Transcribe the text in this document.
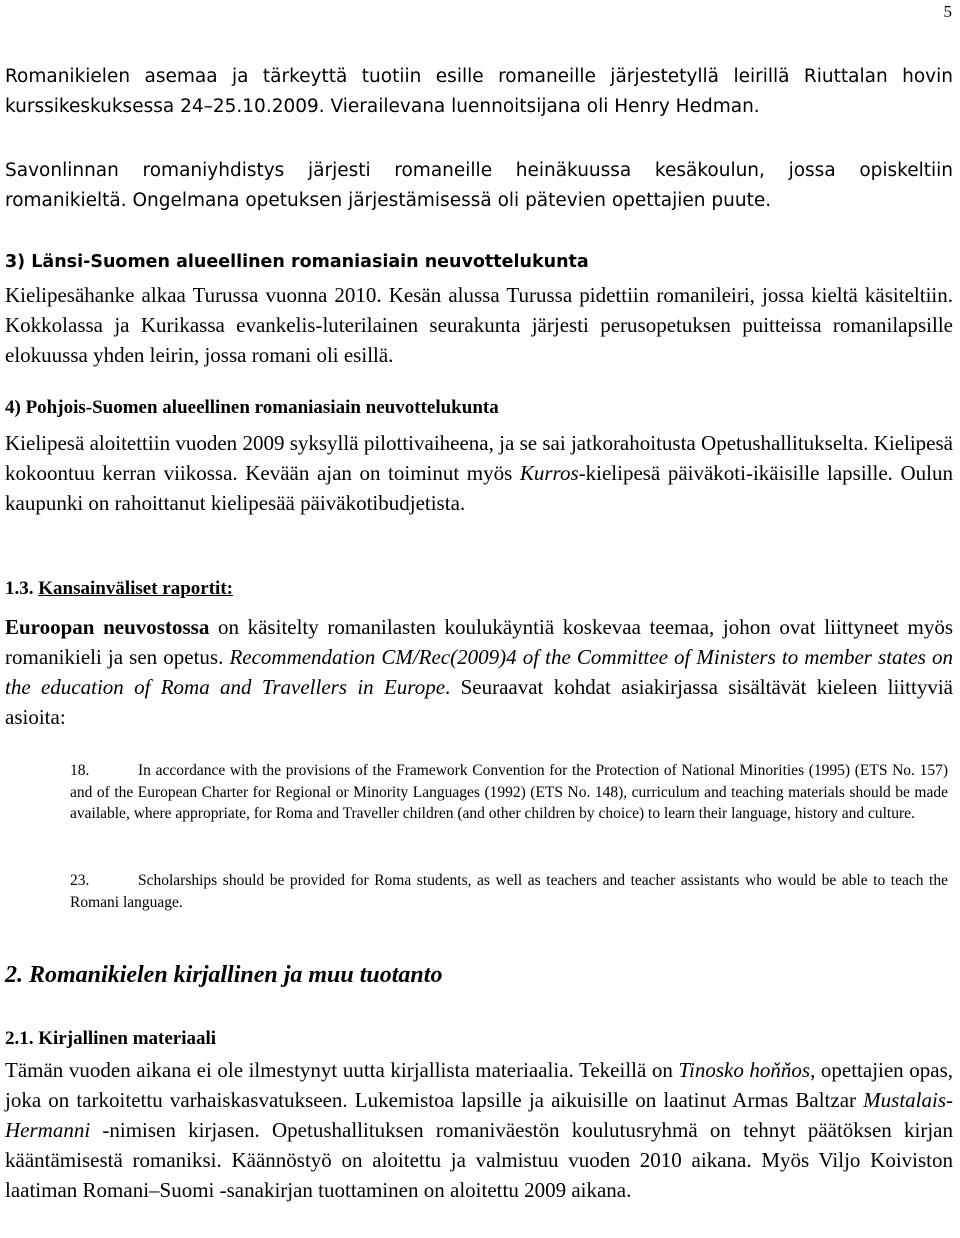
5

Romanikielen asemaa ja tärkeyttä tuotiin esille romaneille järjestetyllä leirillä Riuttalan hovin kurssikeskuksessa 24–25.10.2009. Vierailevana luennoitsijana oli Henry Hedman.

Savonlinnan romaniyhdistys järjesti romaneille heinäkuussa kesäkoulun, jossa opiskeltiin romanikieltä. Ongelmana opetuksen järjestämisessä oli pätevien opettajien puute.

3) Länsi-Suomen alueellinen romaniasiain neuvottelukunta

Kielipesähanke alkaa Turussa vuonna 2010. Kesän alussa Turussa pidettiin romanileiri, jossa kieltä käsiteltiin. Kokkolassa ja Kurikassa evankelis-luterilainen seurakunta järjesti perusopetuksen puitteissa romanilapsille elokuussa yhden leirin, jossa romani oli esillä.

4) Pohjois-Suomen alueellinen romaniasiain neuvottelukunta

Kielipesä aloitettiin vuoden 2009 syksyllä pilottivaiheena, ja se sai jatkorahoitusta Opetushallitukselta. Kielipesä kokoontuu kerran viikossa. Kevään ajan on toiminut myös Kurros-kielipesä päiväkoti-ikäisille lapsille. Oulun kaupunki on rahoittanut kielipesää päiväkotibudjetista.

1.3. Kansainväliset raportit:

Euroopan neuvostossa on käsitelty romanilasten koulukäyntiä koskevaa teemaa, johon ovat liittyneet myös romanikieli ja sen opetus. Recommendation CM/Rec(2009)4 of the Committee of Ministers to member states on the education of Roma and Travellers in Europe. Seuraavat kohdat asiakirjassa sisältävät kieleen liittyviä asioita:

18.	In accordance with the provisions of the Framework Convention for the Protection of National Minorities (1995) (ETS No. 157) and of the European Charter for Regional or Minority Languages (1992) (ETS No. 148), curriculum and teaching materials should be made available, where appropriate, for Roma and Traveller children (and other children by choice) to learn their language, history and culture.

23.	Scholarships should be provided for Roma students, as well as teachers and teacher assistants who would be able to teach the Romani language.

2. Romanikielen kirjallinen ja muu tuotanto
2.1. Kirjallinen materiaali

Tämän vuoden aikana ei ole ilmestynyt uutta kirjallista materiaalia. Tekeillä on Tinosko hoňňos, opettajien opas, joka on tarkoitettu varhaiskasvatukseen. Lukemistoa lapsille ja aikuisille on laatinut Armas Baltzar Mustalais-Hermanni -nimisen kirjasen. Opetushallituksen romaniväestön koulutusryhmä on tehnyt päätöksen kirjan kääntämisestä romaniksi. Käännöstyö on aloitettu ja valmistuu vuoden 2010 aikana. Myös Viljo Koiviston laatiman Romani–Suomi -sanakirjan tuottaminen on aloitettu 2009 aikana.
